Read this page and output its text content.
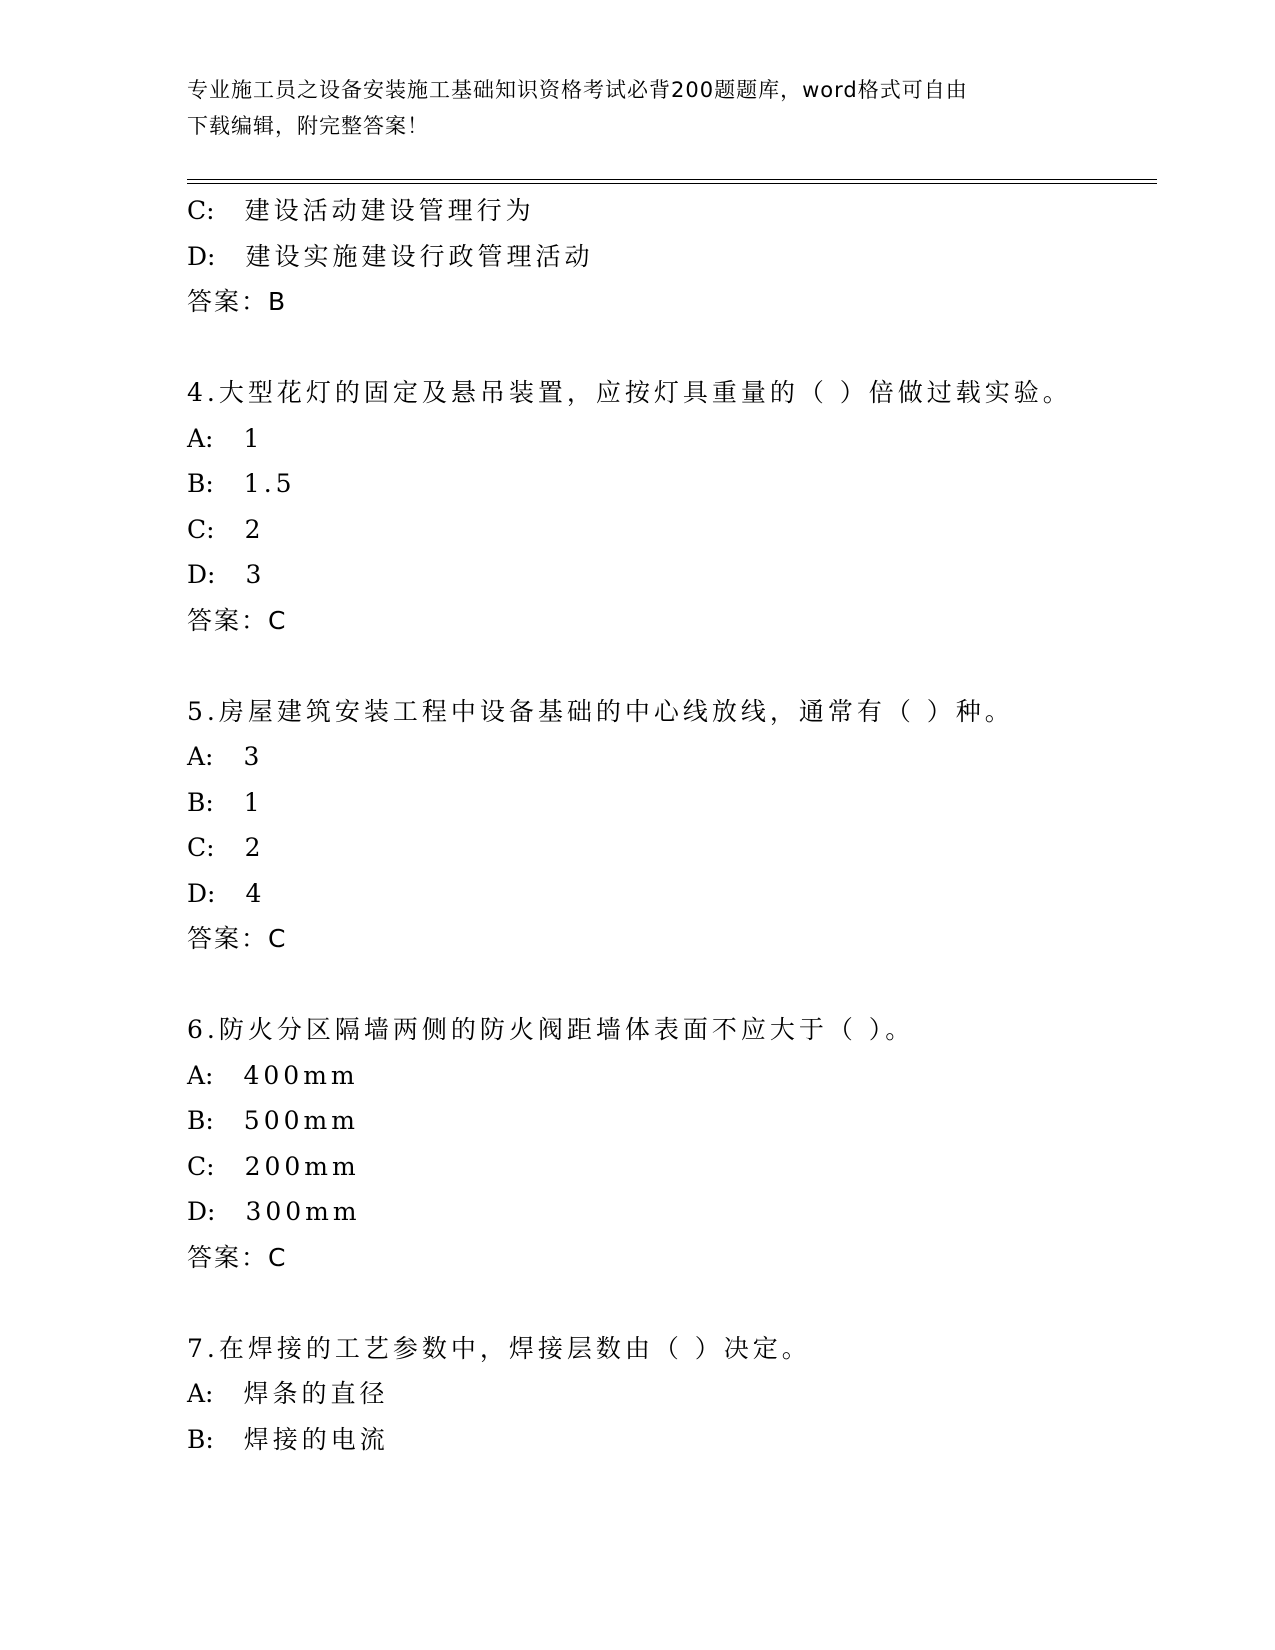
专业施工员之设备安装施工基础知识资格考试必背200题题库，word格式可自由
下载编辑，附完整答案！
C: 建设活动建设管理行为
D: 建设实施建设行政管理活动
答案：B
4.大型花灯的固定及悬吊装置，应按灯具重量的（ ）倍做过载实验。
A: 1
B: 1.5
C: 2
D: 3
答案：C
5.房屋建筑安装工程中设备基础的中心线放线，通常有（ ）种。
A: 3
B: 1
C: 2
D: 4
答案：C
6.防火分区隔墙两侧的防火阀距墙体表面不应大于（ ）。
A: 400mm
B: 500mm
C: 200mm
D: 300mm
答案：C
7.在焊接的工艺参数中，焊接层数由（ ）决定。
A: 焊条的直径
B: 焊接的电流
